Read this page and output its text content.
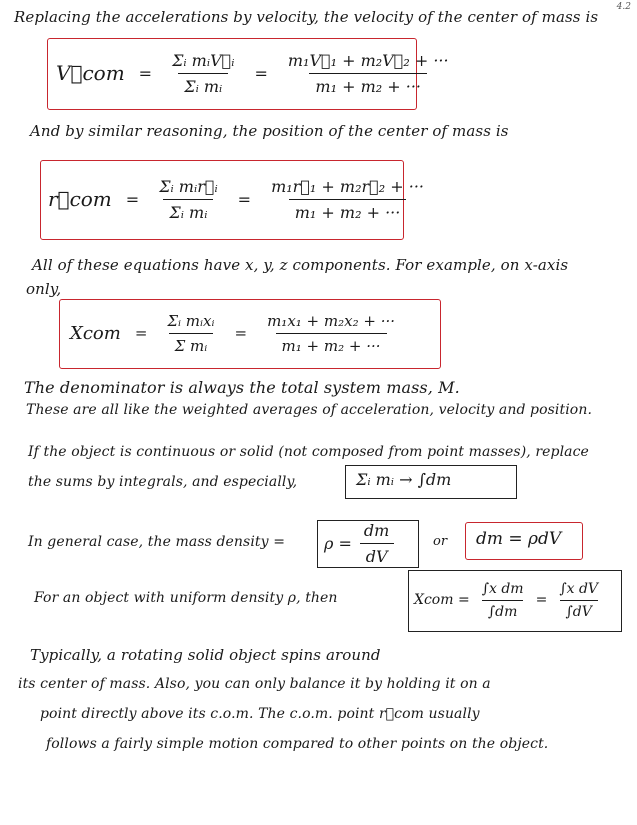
4.2
Replacing the accelerations by velocity, the velocity of the center of mass is
V⃗com = $\frac{\text{Σᵢ mᵢV⃗ᵢ}}{\text{Σᵢ mᵢ}} = \frac{\text{m₁V⃗₁ + m₂V⃗₂ + ···}}{\text{m₁ + m₂ + ···}}$
And by similar reasoning, the position of the center of mass is
r⃗com = $\frac{\text{Σᵢ mᵢr⃗ᵢ}}{\text{Σᵢ mᵢ}} = \frac{\text{m₁r⃗₁ + m₂r⃗₂ + ···}}{\text{m₁ + m₂ + ···}}$
All of these equations have x, y, z components. For example, on x-axis
only,
Xcom = $\frac{\text{Σᵢ mᵢxᵢ}}{\text{Σ mᵢ}} = \frac{\text{m₁x₁ + m₂x₂ + ···}}{\text{m₁ + m₂ + ···}}$
The denominator is always the total system mass, M.
These are all like the weighted averages of acceleration, velocity and position.
If the object is continuous or solid (not composed from point masses), replace
the sums by integrals, and especially,	Σᵢ mᵢ → ∫dm
In general case, the mass density = $\rho = \frac{dm}{dV}$	or dm = ρdV
For an object with uniform density ρ, then	Xcom = $\frac{\text{∫x dm}}{\int dm} = \frac{\text{∫x dV}}{\int dV}$
Typically, a rotating solid object spins around
its center of mass. Also, you can only balance it by holding it on a
point directly above its c.o.m. The c.o.m. point r⃗com usually
follows a fairly simple motion compared to other points on the object.
